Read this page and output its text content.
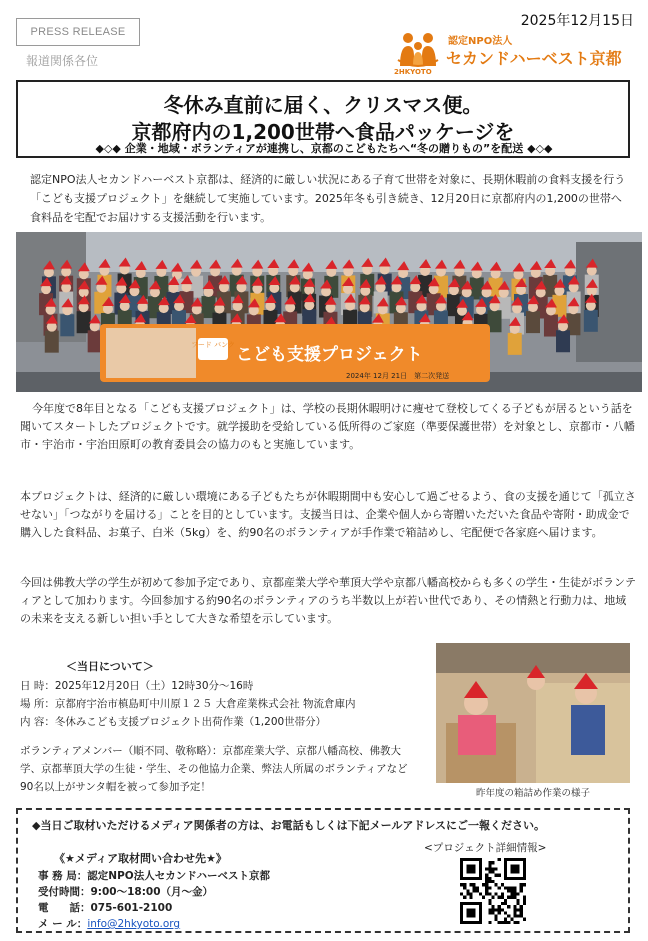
PRESS RELEASE
2025年12月15日
報道関係各位
2HKYOTO
認定NPO法人
セカンドハーベスト京都
冬休み直前に届く、クリスマス便。
京都府内の1,200世帯へ食品パッケージを
◆◇◆ 企業・地域・ボランティアが連携し、京都のこどもたちへ“冬の贈りもの”を配送 ◆◇◆
認定NPO法人セカンドハーベスト京都は、経済的に厳しい状況にある子育て世帯を対象に、長期休暇前の食料支援を行う「こども支援プロジェクト」を継続して実施しています。2025年冬も引き続き、12月20日に京都府内の1,200の世帯へ食料品を宅配でお届けする支援活動を行います。
フード バンク こども支援プロジェクト
2024年 12月 21日　第二次発送
今年度で8年目となる「こども支援プロジェクト」は、学校の長期休暇明けに痩せて登校してくる子どもが居るという話を聞いてスタートしたプロジェクトです。就学援助を受給している低所得のご家庭（準要保護世帯）を対象とし、京都市・八幡市・宇治市・宇治田原町の教育委員会の協力のもと実施しています。
本プロジェクトは、経済的に厳しい環境にある子どもたちが休暇期間中も安心して過ごせるよう、食の支援を通じて「孤立させない」「つながりを届ける」ことを目的としています。支援当日は、企業や個人から寄贈いただいた食品や寄附・助成金で購入した食料品、お菓子、白米（5kg）を、約90名のボランティアが手作業で箱詰めし、宅配便で各家庭へ届けます。
今回は佛教大学の学生が初めて参加予定であり、京都産業大学や華頂大学や京都八幡高校からも多くの学生・生徒がボランティアとして加わります。今回参加する約90名のボランティアのうち半数以上が若い世代であり、その情熱と行動力は、地域の未来を支える新しい担い手として大きな希望を示しています。
＜当日について＞
日 時：2025年12月20日（土）12時30分～16時
場 所：京都府宇治市槙島町中川原１２５ 大倉産業株式会社 物流倉庫内
内 容：冬休みこども支援プロジェクト出荷作業（1,200世帯分）
ボランティアメンバー（順不同、敬称略）：京都産業大学、京都八幡高校、佛教大学、京都華頂大学の生徒・学生、その他協力企業、弊法人所属のボランティアなど90名以上がサンタ帽を被って参加予定！
昨年度の箱詰め作業の様子
◆当日ご取材いただけるメディア関係者の方は、お電話もしくは下記メールアドレスにご一報ください。
《★メディア取材問い合わせ先★》
事 務 局：認定NPO法人セカンドハーベスト京都
受付時間：9:00～18:00（月～金）
電　　話：075-601-2100
メ ー ル：info@2hkyoto.org
<プロジェクト詳細情報>
